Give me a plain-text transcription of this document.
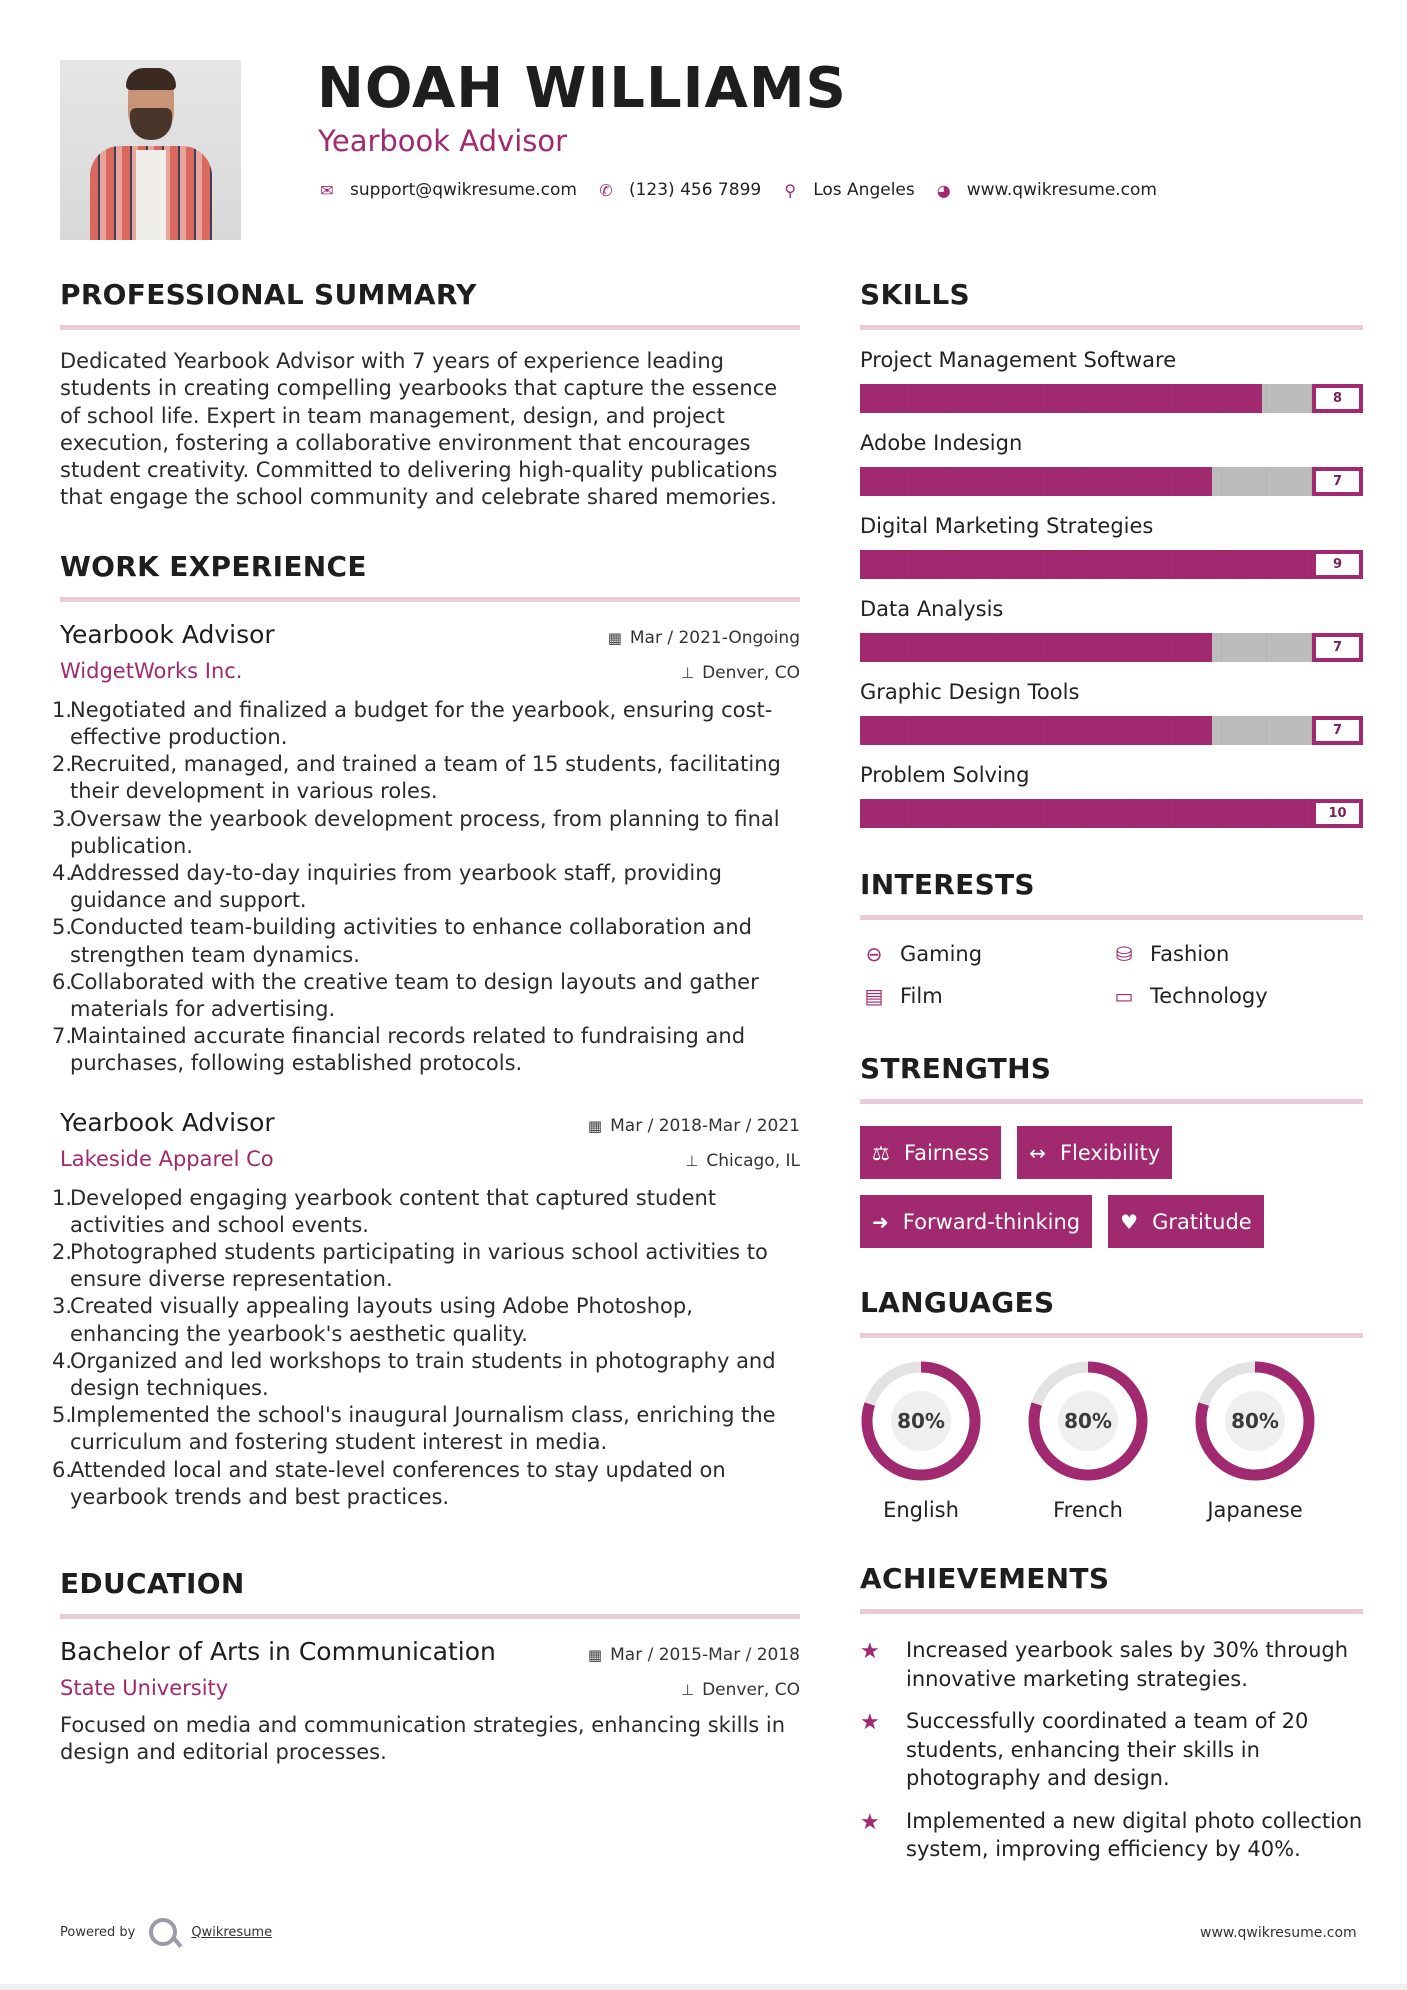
NOAH WILLIAMS
Yearbook Advisor
✉ support@qwikresume.com ✆ (123) 456 7899 ⚲ Los Angeles ◕ www.qwikresume.com
PROFESSIONAL SUMMARY

Dedicated Yearbook Advisor with 7 years of experience leading students in creating compelling yearbooks that capture the essence of school life. Expert in team management, design, and project execution, fostering a collaborative environment that encourages student creativity. Committed to delivering high-quality publications that engage the school community and celebrate shared memories.

WORK EXPERIENCE
Yearbook Advisor	▦ Mar / 2021-Ongoing
WidgetWorks Inc.	⊥ Denver, CO
1.
Negotiated and finalized a budget for the yearbook, ensuring cost-effective production.
2.
Recruited, managed, and trained a team of 15 students, facilitating their development in various roles.
3.
Oversaw the yearbook development process, from planning to final publication.
4.
Addressed day-to-day inquiries from yearbook staff, providing guidance and support.
5.
Conducted team-building activities to enhance collaboration and strengthen team dynamics.
6.
Collaborated with the creative team to design layouts and gather materials for advertising.
7.
Maintained accurate financial records related to fundraising and purchases, following established protocols.
Yearbook Advisor	▦ Mar / 2018-Mar / 2021
Lakeside Apparel Co	⊥ Chicago, IL
1.
Developed engaging yearbook content that captured student activities and school events.
2.
Photographed students participating in various school activities to ensure diverse representation.
3.
Created visually appealing layouts using Adobe Photoshop, enhancing the yearbook's aesthetic quality.
4.
Organized and led workshops to train students in photography and design techniques.
5.
Implemented the school's inaugural Journalism class, enriching the curriculum and fostering student interest in media.
6.
Attended local and state-level conferences to stay updated on yearbook trends and best practices.
EDUCATION
Bachelor of Arts in Communication	▦ Mar / 2015-Mar / 2018
State University	⊥ Denver, CO

Focused on media and communication strategies, enhancing skills in design and editorial processes.

SKILLS
Project Management Software
8
Adobe Indesign
7
Digital Marketing Strategies
9
Data Analysis
7
Graphic Design Tools
7
Problem Solving
10
INTERESTS
⊖ Gaming	⛁ Fashion
▤ Film	▭ Technology
STRENGTHS
⚖ Fairness ↔ Flexibility
➜ Forward-thinking ♥ Gratitude
LANGUAGES
80%
English
80%
French
80%
Japanese
ACHIEVEMENTS
★	Increased yearbook sales by 30% through innovative marketing strategies.
★	Successfully coordinated a team of 20 students, enhancing their skills in photography and design.
★	Implemented a new digital photo collection system, improving efficiency by 40%.
Powered by	Qwikresume	www.qwikresume.com
